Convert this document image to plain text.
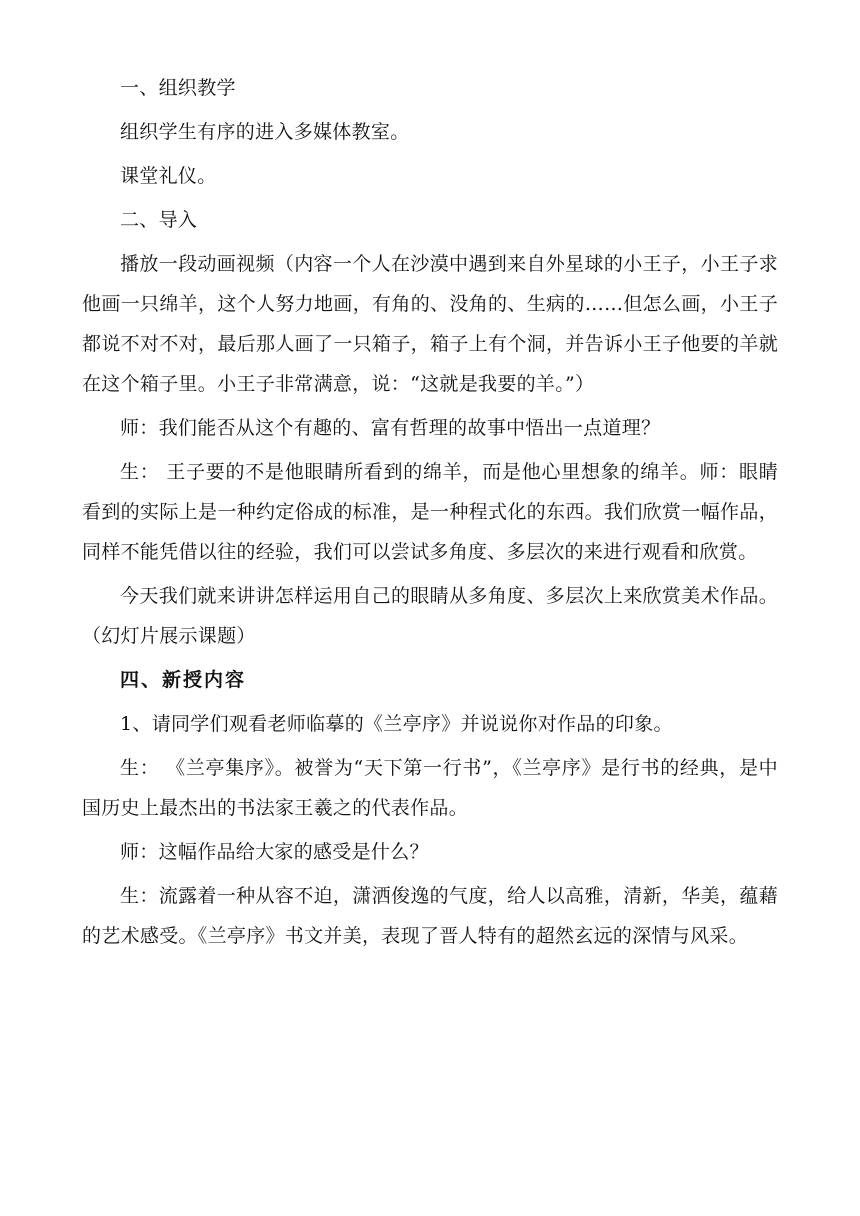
一、组织教学

组织学生有序的进入多媒体教室。

课堂礼仪。

二、导入

播放一段动画视频（内容一个人在沙漠中遇到来自外星球的小王子，小王子求他画一只绵羊，这个人努力地画，有角的、没角的、生病的……但怎么画，小王子都说不对不对，最后那人画了一只箱子，箱子上有个洞，并告诉小王子他要的羊就在这个箱子里。小王子非常满意，说：“这就是我要的羊。”）

师：我们能否从这个有趣的、富有哲理的故事中悟出一点道理？

生： 王子要的不是他眼睛所看到的绵羊，而是他心里想象的绵羊。师：眼睛看到的实际上是一种约定俗成的标准，是一种程式化的东西。我们欣赏一幅作品，同样不能凭借以往的经验，我们可以尝试多角度、多层次的来进行观看和欣赏。

今天我们就来讲讲怎样运用自己的眼睛从多角度、多层次上来欣赏美术作品。（幻灯片展示课题）

四、新授内容

1、请同学们观看老师临摹的《兰亭序》并说说你对作品的印象。

生： 《兰亭集序》。被誉为“天下第一行书”，《兰亭序》是行书的经典，是中国历史上最杰出的书法家王羲之的代表作品。

师：这幅作品给大家的感受是什么？

生：流露着一种从容不迫，潇洒俊逸的气度，给人以高雅，清新，华美，蕴藉的艺术感受。《兰亭序》书文并美，表现了晋人特有的超然玄远的深情与风采。
